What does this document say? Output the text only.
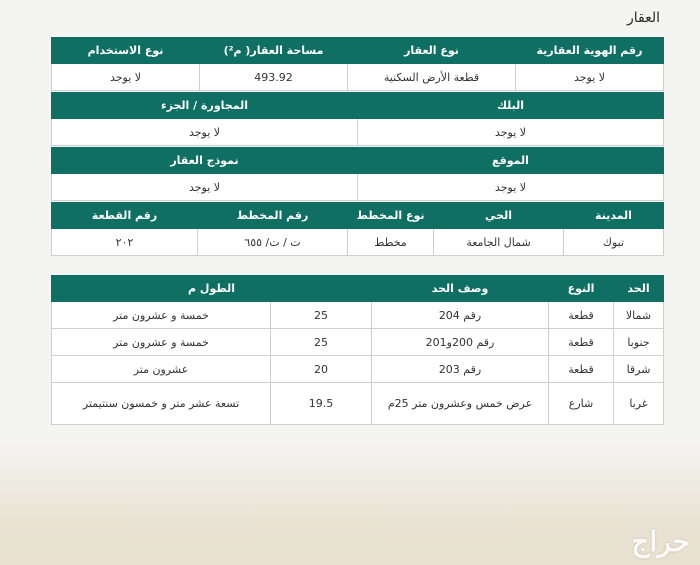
العقار
رقم الهوية العقارية	نوع العقار	مساحة العقار( م²)	نوع الاستخدام
لا يوجد	قطعة الأرض السكنية	493.92	لا يوجد
البلك	المجاورة / الجزء
لا يوجد	لا يوجد
الموقع	نموذج العقار
لا يوجد	لا يوجد
المدينة	الحي	نوع المخطط	رقم المخطط	رقم القطعة
تبوك	شمال الجامعة	مخطط	ت / ت/ ٦٥٥	٢٠٢
الحد	النوع	وصف الحد	الطول م	
شمالا	قطعة	رقم 204	25	خمسة و عشرون متر
جنوبا	قطعة	رقم 200و201	25	خمسة و عشرون متر
شرقا	قطعة	رقم 203	20	عشرون متر
غربا	شارع	عرض خمس وعشرون متر 25م	19.5	تسعة عشر متر و خمسون سنتيمتر
حراج
